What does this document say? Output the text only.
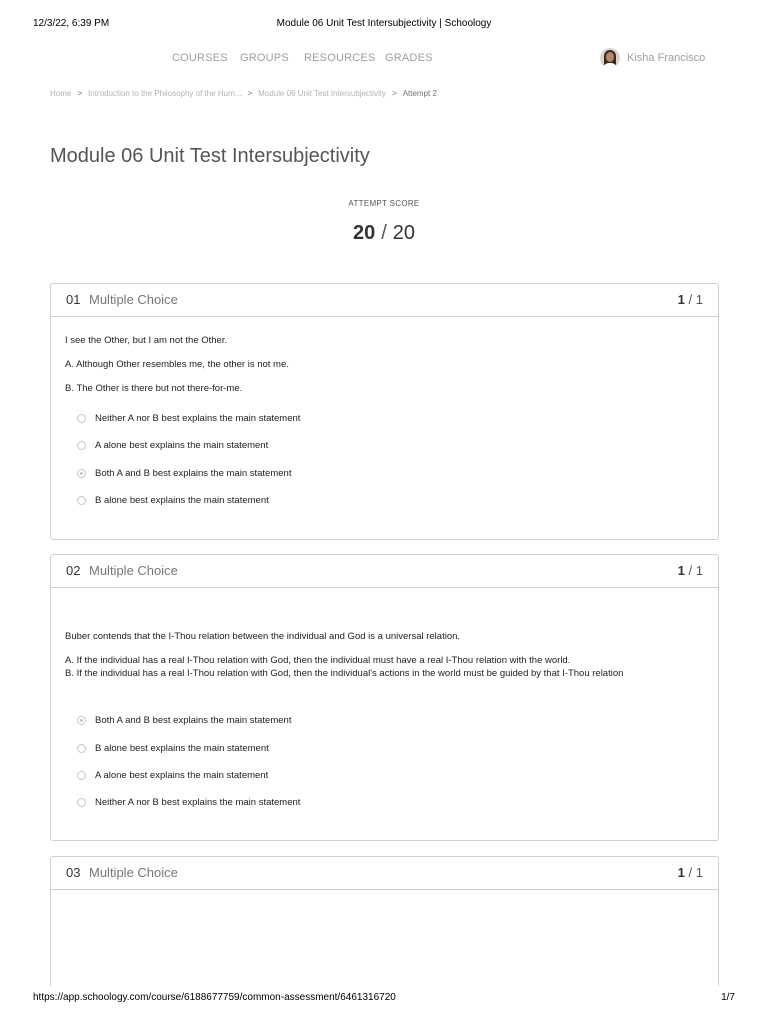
12/3/22, 6:39 PM	Module 06 Unit Test Intersubjectivity | Schoology
COURSES GROUPS RESOURCES GRADES	Kisha Francisco
Home > Introduction to the Philosophy of the Hum... > Module 06 Unit Test Intersubjectivity > Attempt 2
Module 06 Unit Test Intersubjectivity
ATTEMPT SCORE
20 / 20
01 Multiple Choice	1 / 1
I see the Other, but I am not the Other.
A. Although Other resembles me, the other is not me.
B. The Other is there but not there-for-me.
Neither A nor B best explains the main statement
A alone best explains the main statement
Both A and B best explains the main statement
B alone best explains the main statement
02 Multiple Choice	1 / 1
Buber contends that the I-Thou relation between the individual and God is a universal relation.
A. If the individual has a real I-Thou relation with God, then the individual must have a real I-Thou relation with the world.
B. If the individual has a real I-Thou relation with God, then the individual's actions in the world must be guided by that I-Thou relation
Both A and B best explains the main statement
B alone best explains the main statement
A alone best explains the main statement
Neither A nor B best explains the main statement
03 Multiple Choice	1 / 1
https://app.schoology.com/course/6188677759/common-assessment/6461316720	1/7
